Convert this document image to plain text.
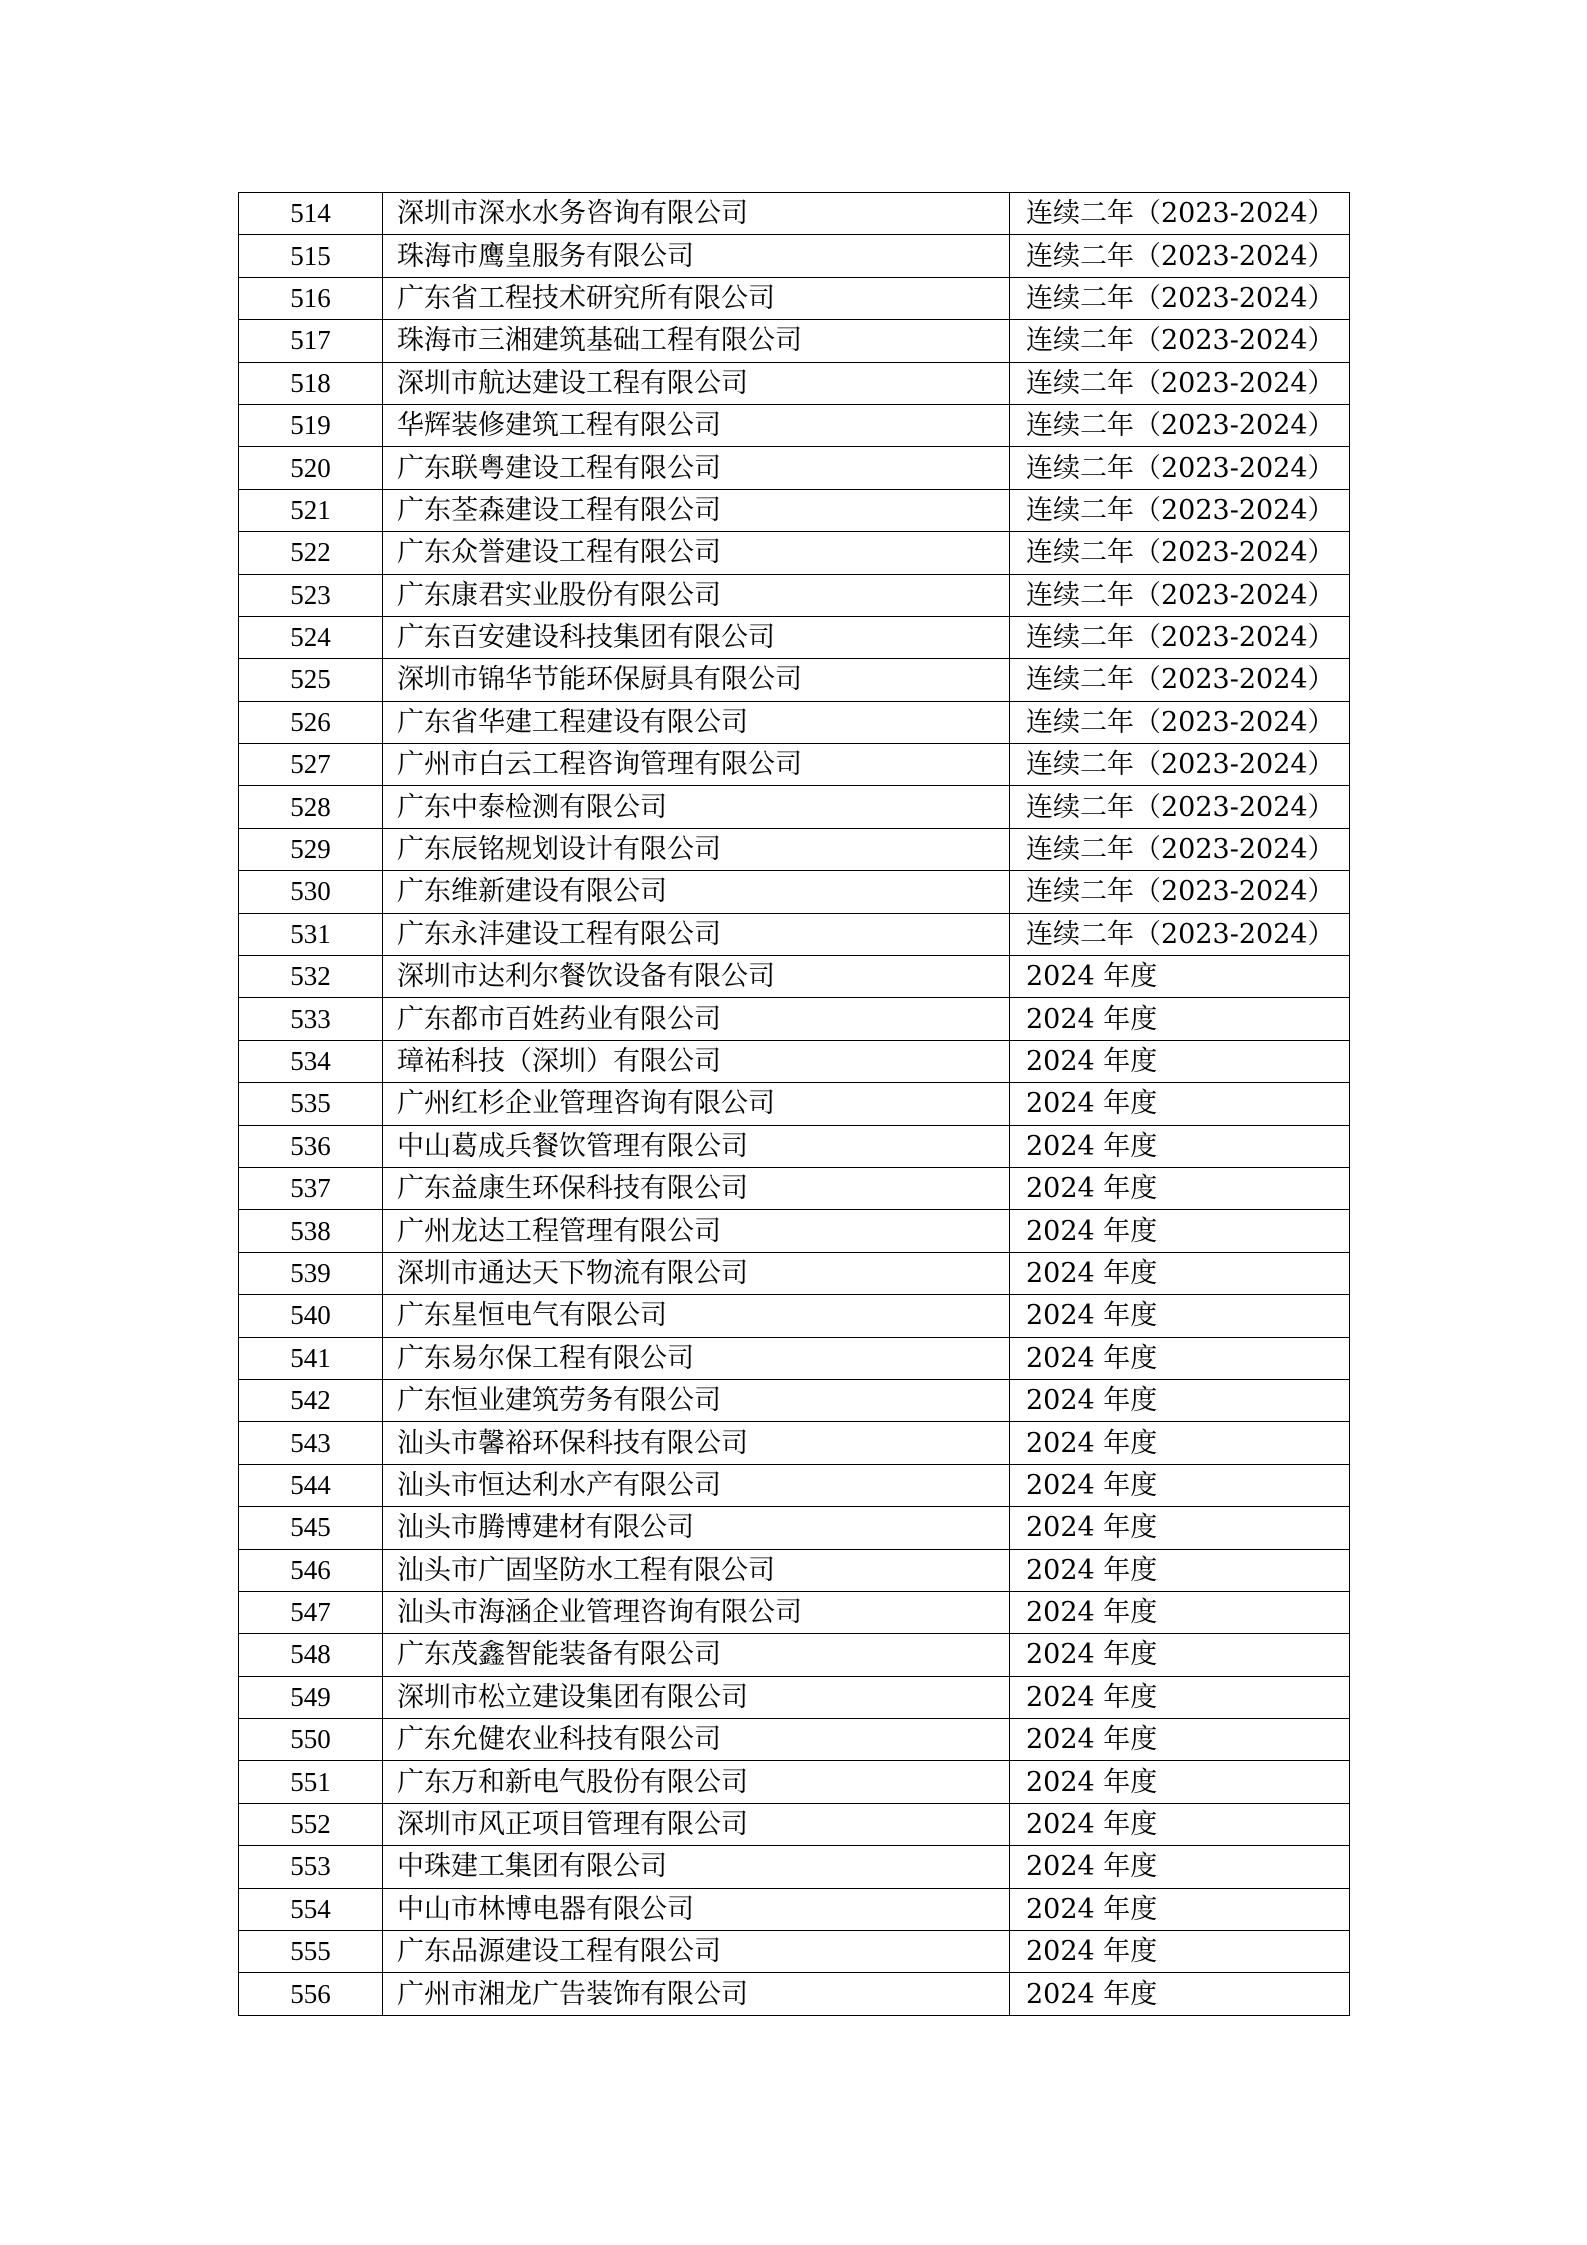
514	深圳市深水水务咨询有限公司	连续二年（2023-2024）
515	珠海市鹰皇服务有限公司	连续二年（2023-2024）
516	广东省工程技术研究所有限公司	连续二年（2023-2024）
517	珠海市三湘建筑基础工程有限公司	连续二年（2023-2024）
518	深圳市航达建设工程有限公司	连续二年（2023-2024）
519	华辉装修建筑工程有限公司	连续二年（2023-2024）
520	广东联粤建设工程有限公司	连续二年（2023-2024）
521	广东荃森建设工程有限公司	连续二年（2023-2024）
522	广东众誉建设工程有限公司	连续二年（2023-2024）
523	广东康君实业股份有限公司	连续二年（2023-2024）
524	广东百安建设科技集团有限公司	连续二年（2023-2024）
525	深圳市锦华节能环保厨具有限公司	连续二年（2023-2024）
526	广东省华建工程建设有限公司	连续二年（2023-2024）
527	广州市白云工程咨询管理有限公司	连续二年（2023-2024）
528	广东中泰检测有限公司	连续二年（2023-2024）
529	广东辰铭规划设计有限公司	连续二年（2023-2024）
530	广东维新建设有限公司	连续二年（2023-2024）
531	广东永沣建设工程有限公司	连续二年（2023-2024）
532	深圳市达利尔餐饮设备有限公司	2024 年度
533	广东都市百姓药业有限公司	2024 年度
534	璋祐科技（深圳）有限公司	2024 年度
535	广州红杉企业管理咨询有限公司	2024 年度
536	中山葛成兵餐饮管理有限公司	2024 年度
537	广东益康生环保科技有限公司	2024 年度
538	广州龙达工程管理有限公司	2024 年度
539	深圳市通达天下物流有限公司	2024 年度
540	广东星恒电气有限公司	2024 年度
541	广东易尔保工程有限公司	2024 年度
542	广东恒业建筑劳务有限公司	2024 年度
543	汕头市馨裕环保科技有限公司	2024 年度
544	汕头市恒达利水产有限公司	2024 年度
545	汕头市腾博建材有限公司	2024 年度
546	汕头市广固坚防水工程有限公司	2024 年度
547	汕头市海涵企业管理咨询有限公司	2024 年度
548	广东茂鑫智能装备有限公司	2024 年度
549	深圳市松立建设集团有限公司	2024 年度
550	广东允健农业科技有限公司	2024 年度
551	广东万和新电气股份有限公司	2024 年度
552	深圳市风正项目管理有限公司	2024 年度
553	中珠建工集团有限公司	2024 年度
554	中山市林博电器有限公司	2024 年度
555	广东品源建设工程有限公司	2024 年度
556	广州市湘龙广告装饰有限公司	2024 年度
